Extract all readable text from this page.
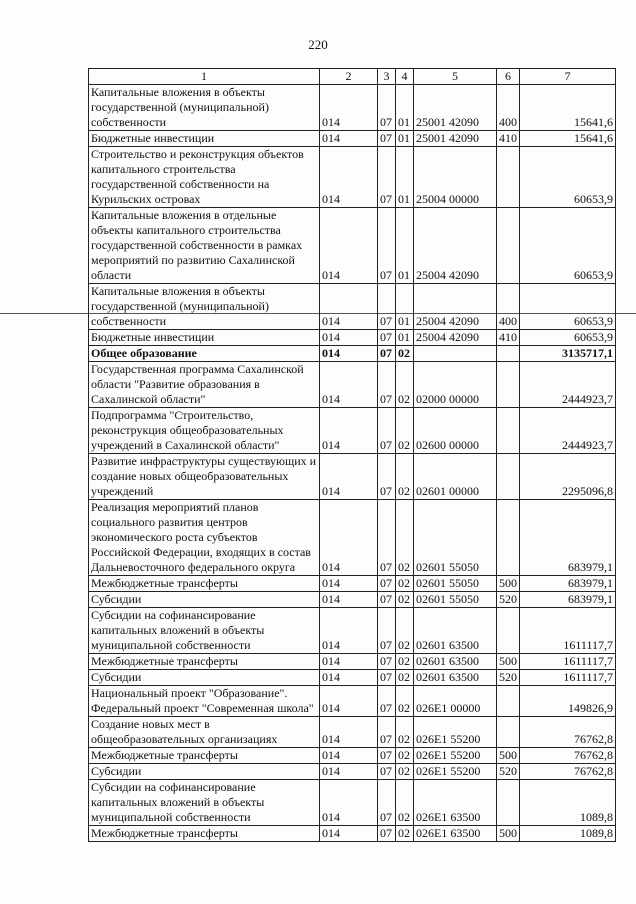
220
1	2	3	4	5	6	7
Капитальные вложения в объекты государственной (муниципальной) собственности	014	07	01	25001 42090	400	15641,6
Бюджетные инвестиции	014	07	01	25001 42090	410	15641,6
Строительство и реконструкция объектов капитального строительства государственной собственности на Курильских островах	014	07	01	25004 00000		60653,9
Капитальные вложения в отдельные объекты капитального строительства государственной собственности в рамках мероприятий по развитию Сахалинской области	014	07	01	25004 42090		60653,9
Капитальные вложения в объекты государственной (муниципальной) собственности	014	07	01	25004 42090	400	60653,9
Бюджетные инвестиции	014	07	01	25004 42090	410	60653,9
Общее образование	014	07	02			3135717,1
Государственная программа Сахалинской области "Развитие образования в Сахалинской области"	014	07	02	02000 00000		2444923,7
Подпрограмма "Строительство, реконструкция общеобразовательных учреждений в Сахалинской области"	014	07	02	02600 00000		2444923,7
Развитие инфраструктуры существующих и создание новых общеобразовательных учреждений	014	07	02	02601 00000		2295096,8
Реализация мероприятий планов социального развития центров экономического роста субъектов Российской Федерации, входящих в состав Дальневосточного федерального округа	014	07	02	02601 55050		683979,1
Межбюджетные трансферты	014	07	02	02601 55050	500	683979,1
Субсидии	014	07	02	02601 55050	520	683979,1
Субсидии на софинансирование капитальных вложений в объекты муниципальной собственности	014	07	02	02601 63500		1611117,7
Межбюджетные трансферты	014	07	02	02601 63500	500	1611117,7
Субсидии	014	07	02	02601 63500	520	1611117,7
Национальный проект "Образование". Федеральный проект "Современная школа"	014	07	02	026E1 00000		149826,9
Создание новых мест в общеобразовательных организациях	014	07	02	026E1 55200		76762,8
Межбюджетные трансферты	014	07	02	026E1 55200	500	76762,8
Субсидии	014	07	02	026E1 55200	520	76762,8
Субсидии на софинансирование капитальных вложений в объекты муниципальной собственности	014	07	02	026E1 63500		1089,8
Межбюджетные трансферты	014	07	02	026E1 63500	500	1089,8
